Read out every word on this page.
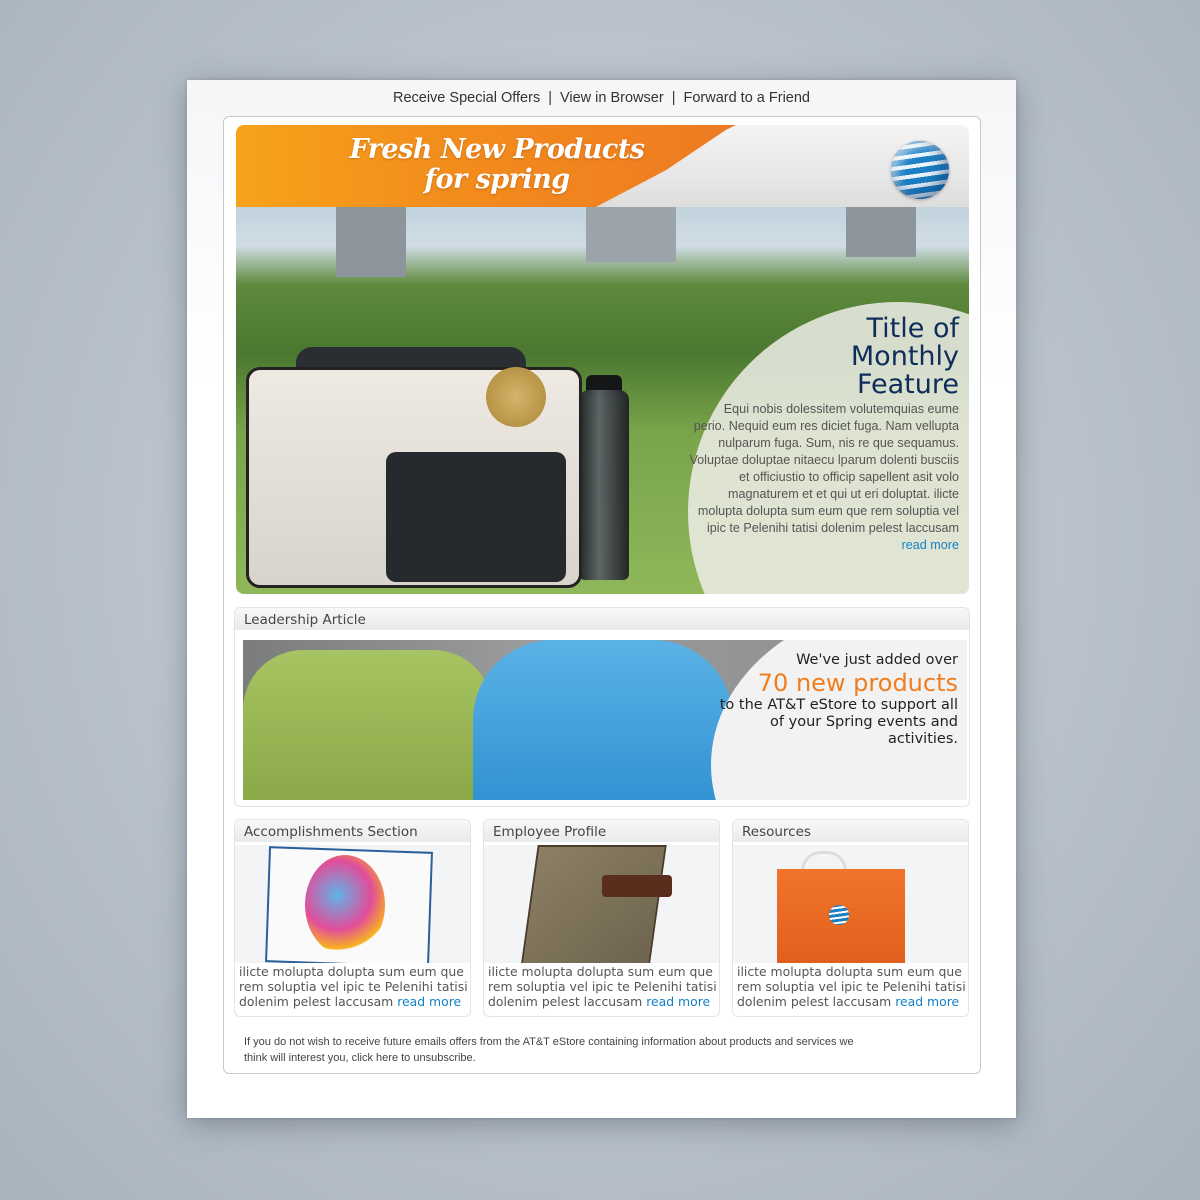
Receive Special Offers | View in Browser | Forward to a Friend
Fresh New Products
for spring
Title of
Monthly
Feature
Equi nobis dolessitem volutemquias eume perio. Nequid eum res diciet fuga. Nam vellupta nulparum fuga. Sum, nis re que sequamus. Voluptae doluptae nitaecu lparum dolenti busciis et officiustio to officip sapellent asit volo magnaturem et et qui ut eri doluptat. ilicte molupta dolupta sum eum que rem soluptia vel ipic te Pelenihi tatisi dolenim pelest laccusam read more
Leadership Article
We've just added over
70 new products
to the AT&T eStore to support all of your Spring events and activities.
Accomplishments Section
ilicte molupta dolupta sum eum que rem soluptia vel ipic te Pelenihi tatisi dolenim pelest laccusam read more
Employee Profile
ilicte molupta dolupta sum eum que rem soluptia vel ipic te Pelenihi tatisi dolenim pelest laccusam read more
Resources
ilicte molupta dolupta sum eum que rem soluptia vel ipic te Pelenihi tatisi dolenim pelest laccusam read more
If you do not wish to receive future emails offers from the AT&T eStore containing information about products and services we think will interest you, click here to unsubscribe.
